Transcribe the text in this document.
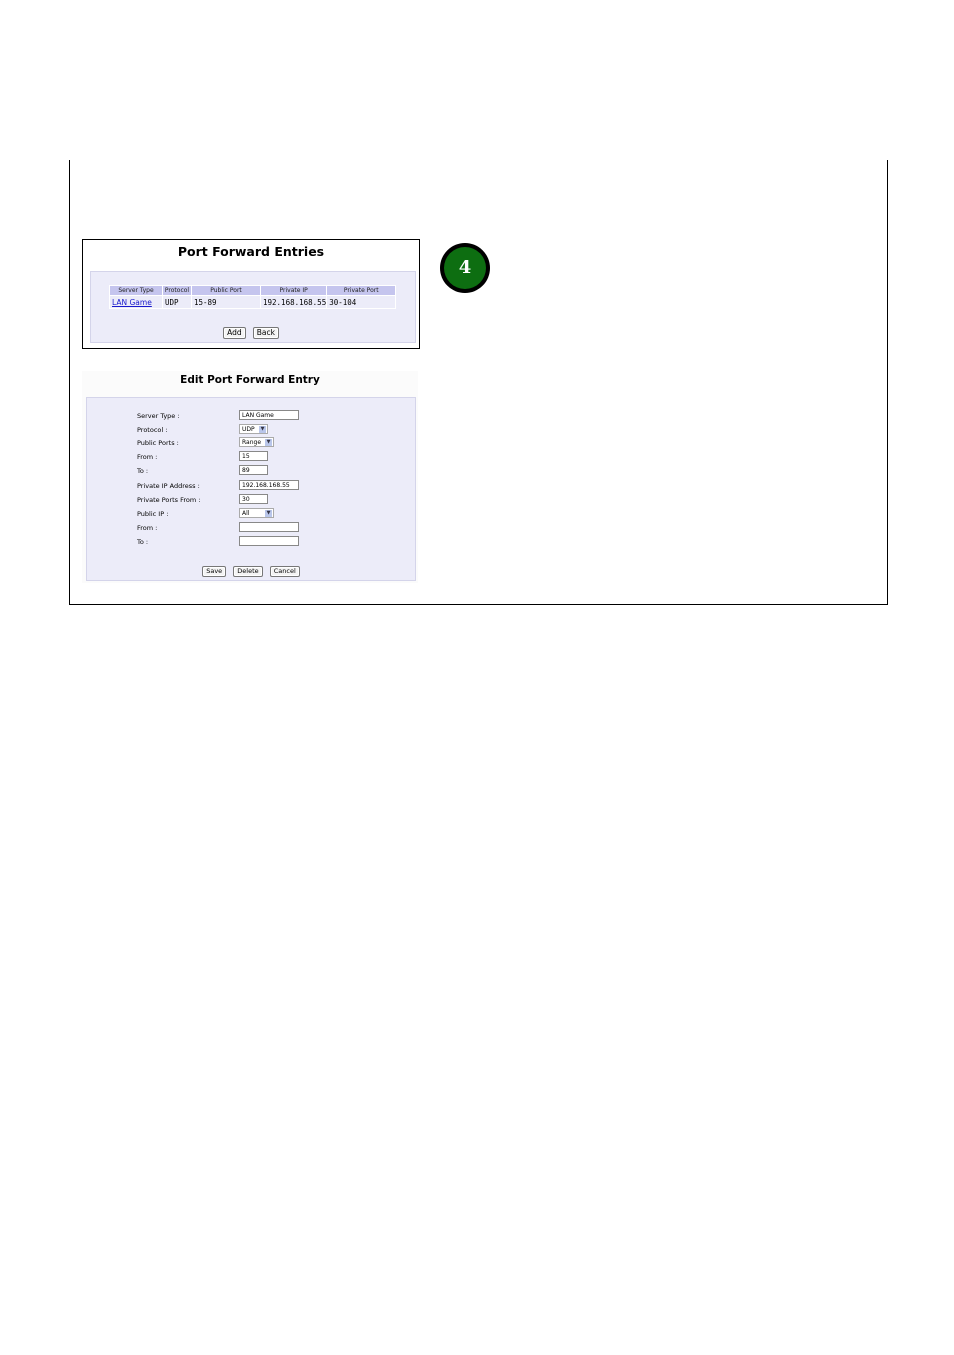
Port Forward Entries
Server Type	Protocol	Public Port	Private IP	Private Port
LAN Game	UDP	15-89	192.168.168.55	30-104
Add Back
4
Edit Port Forward Entry
Server Type :	LAN Game
Protocol :	UDP	▼
Public Ports :	Range	▼
From :	15
To :	89
Private IP Address :	192.168.168.55
Private Ports From :	30
Public IP :	All	▼
From :
To :
Save Delete Cancel
